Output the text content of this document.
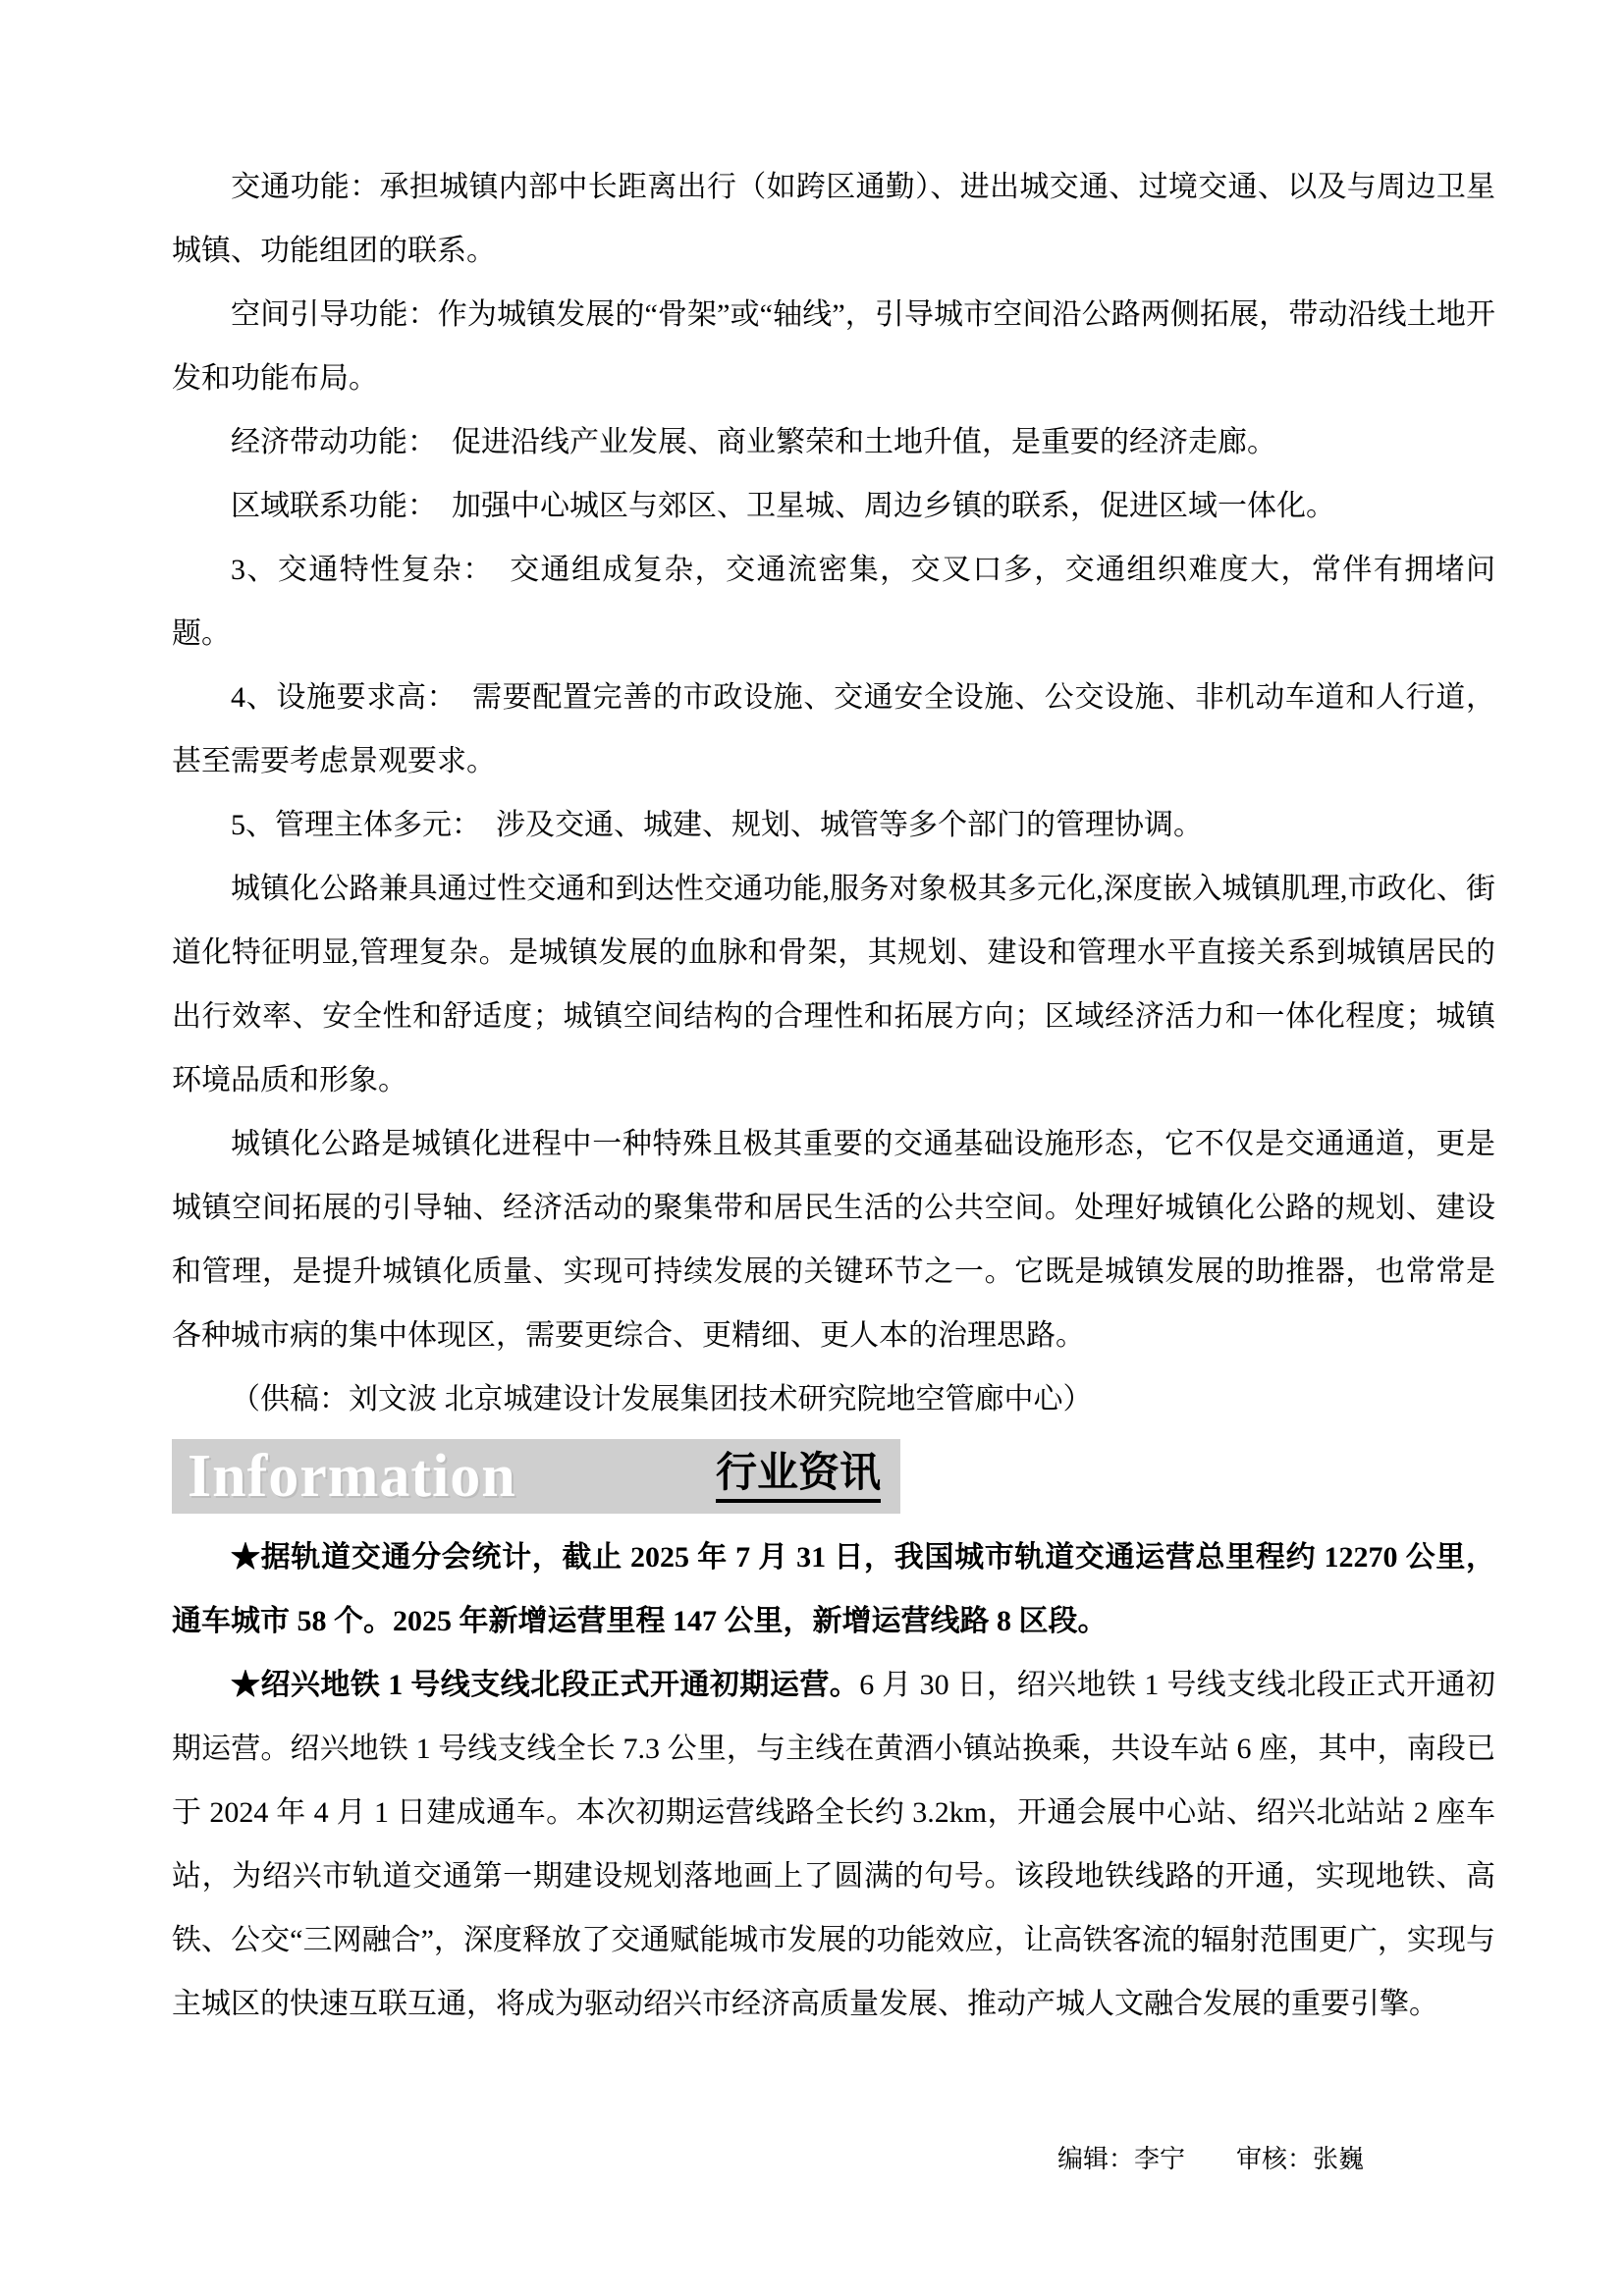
交通功能：承担城镇内部中长距离出行（如跨区通勤）、进出城交通、过境交通、以及与周边卫星城镇、功能组团的联系。

空间引导功能：作为城镇发展的“骨架”或“轴线”，引导城市空间沿公路两侧拓展，带动沿线土地开发和功能布局。

经济带动功能：　促进沿线产业发展、商业繁荣和土地升值，是重要的经济走廊。

区域联系功能：　加强中心城区与郊区、卫星城、周边乡镇的联系，促进区域一体化。

3、交通特性复杂：　交通组成复杂，交通流密集，交叉口多，交通组织难度大，常伴有拥堵问题。

4、设施要求高：　需要配置完善的市政设施、交通安全设施、公交设施、非机动车道和人行道，甚至需要考虑景观要求。

5、管理主体多元：　涉及交通、城建、规划、城管等多个部门的管理协调。

城镇化公路兼具通过性交通和到达性交通功能,服务对象极其多元化,深度嵌入城镇肌理,市政化、街道化特征明显,管理复杂。是城镇发展的血脉和骨架，其规划、建设和管理水平直接关系到城镇居民的出行效率、安全性和舒适度；城镇空间结构的合理性和拓展方向；区域经济活力和一体化程度；城镇环境品质和形象。

城镇化公路是城镇化进程中一种特殊且极其重要的交通基础设施形态，它不仅是交通通道，更是城镇空间拓展的引导轴、经济活动的聚集带和居民生活的公共空间。处理好城镇化公路的规划、建设和管理，是提升城镇化质量、实现可持续发展的关键环节之一。它既是城镇发展的助推器，也常常是各种城市病的集中体现区，需要更综合、更精细、更人本的治理思路。

（供稿：刘文波 北京城建设计发展集团技术研究院地空管廊中心）

Information	行业资讯

★据轨道交通分会统计，截止 2025 年 7 月 31 日，我国城市轨道交通运营总里程约 12270 公里，通车城市 58 个。2025 年新增运营里程 147 公里，新增运营线路 8 区段。

★绍兴地铁 1 号线支线北段正式开通初期运营。6 月 30 日，绍兴地铁 1 号线支线北段正式开通初期运营。绍兴地铁 1 号线支线全长 7.3 公里，与主线在黄酒小镇站换乘，共设车站 6 座，其中，南段已于 2024 年 4 月 1 日建成通车。本次初期运营线路全长约 3.2km，开通会展中心站、绍兴北站站 2 座车站，为绍兴市轨道交通第一期建设规划落地画上了圆满的句号。该段地铁线路的开通，实现地铁、高铁、公交“三网融合”，深度释放了交通赋能城市发展的功能效应，让高铁客流的辐射范围更广，实现与主城区的快速互联互通，将成为驱动绍兴市经济高质量发展、推动产城人文融合发展的重要引擎。

编辑：李宁 审核：张巍
